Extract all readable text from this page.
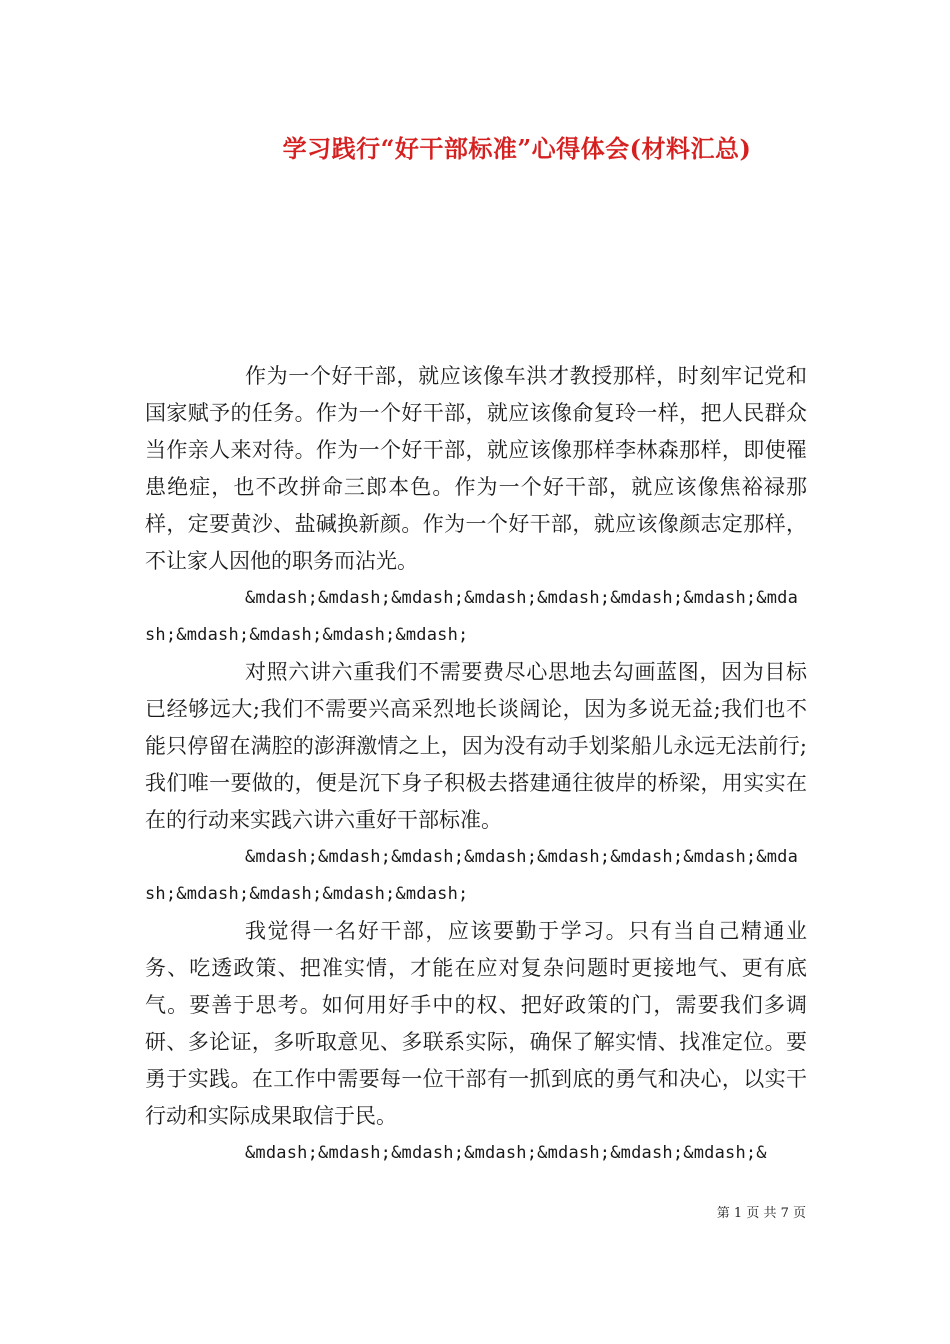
学习践行“好干部标准”心得体会(材料汇总)

作为一个好干部，就应该像车洪才教授那样，时刻牢记党和国家赋予的任务。作为一个好干部，就应该像俞复玲一样，把人民群众当作亲人来对待。作为一个好干部，就应该像那样李林森那样，即使罹患绝症，也不改拼命三郎本色。作为一个好干部，就应该像焦裕禄那样，定要黄沙、盐碱换新颜。作为一个好干部，就应该像颜志定那样，不让家人因他的职务而沾光。

&mdash;&mdash;&mdash;&mdash;&mdash;&mdash;&mdash;&mdash;&mdash;&mdash;&mdash;&mdash;

对照六讲六重我们不需要费尽心思地去勾画蓝图，因为目标已经够远大;我们不需要兴高采烈地长谈阔论，因为多说无益;我们也不能只停留在满腔的澎湃激情之上，因为没有动手划桨船儿永远无法前行;我们唯一要做的，便是沉下身子积极去搭建通往彼岸的桥梁，用实实在在的行动来实践六讲六重好干部标准。

&mdash;&mdash;&mdash;&mdash;&mdash;&mdash;&mdash;&mdash;&mdash;&mdash;&mdash;&mdash;

我觉得一名好干部，应该要勤于学习。只有当自己精通业务、吃透政策、把准实情，才能在应对复杂问题时更接地气、更有底气。要善于思考。如何用好手中的权、把好政策的门，需要我们多调研、多论证，多听取意见、多联系实际，确保了解实情、找准定位。要勇于实践。在工作中需要每一位干部有一抓到底的勇气和决心，以实干行动和实际成果取信于民。

&mdash;&mdash;&mdash;&mdash;&mdash;&mdash;&mdash;&

第 1 页 共 7 页
